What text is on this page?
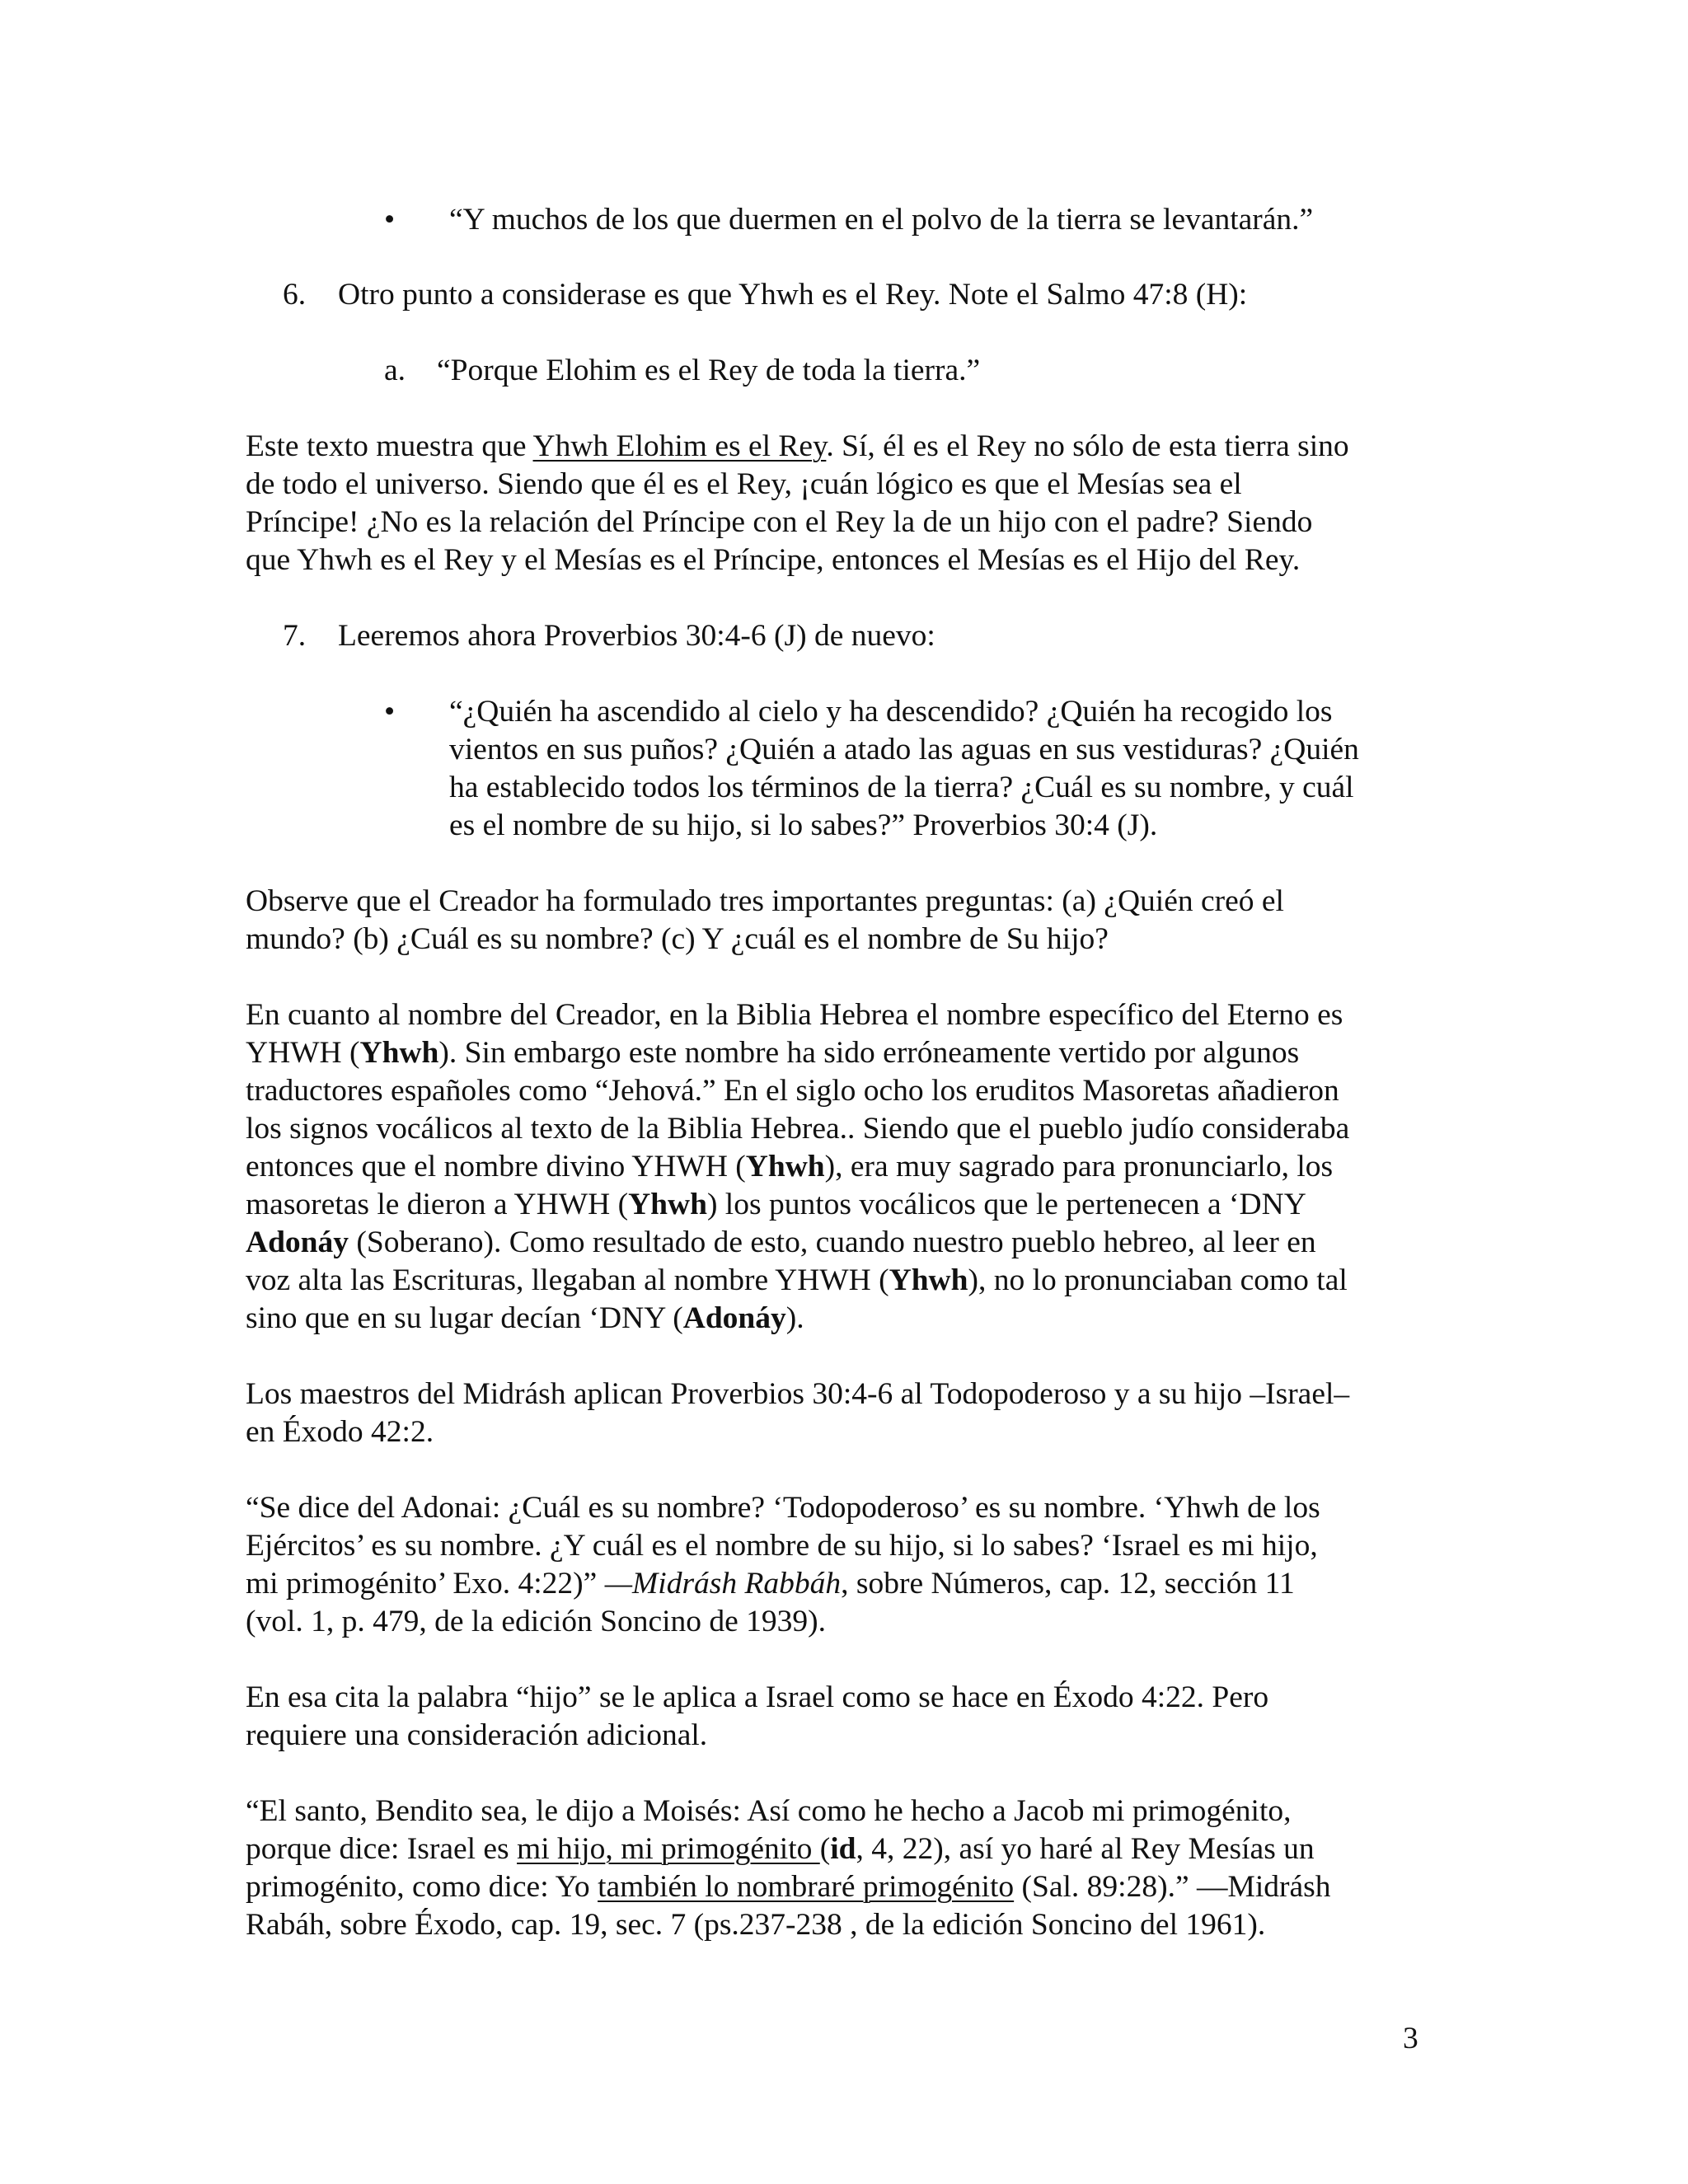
• “Y muchos de los que duermen en el polvo de la tierra se levantarán.”

6. Otro punto a considerase es que Yhwh es el Rey. Note el Salmo 47:8 (H):

a. “Porque Elohim es el Rey de toda la tierra.”

Este texto muestra que Yhwh Elohim es el Rey. Sí, él es el Rey no sólo de esta tierra sino

de todo el universo. Siendo que él es el Rey, ¡cuán lógico es que el Mesías sea el

Príncipe! ¿No es la relación del Príncipe con el Rey la de un hijo con el padre? Siendo

que Yhwh es el Rey y el Mesías es el Príncipe, entonces el Mesías es el Hijo del Rey.

7. Leeremos ahora Proverbios 30:4-6 (J) de nuevo:

• “¿Quién ha ascendido al cielo y ha descendido? ¿Quién ha recogido los

vientos en sus puños? ¿Quién a atado las aguas en sus vestiduras? ¿Quién

ha establecido todos los términos de la tierra? ¿Cuál es su nombre, y cuál

es el nombre de su hijo, si lo sabes?” Proverbios 30:4 (J).

Observe que el Creador ha formulado tres importantes preguntas: (a) ¿Quién creó el

mundo? (b) ¿Cuál es su nombre? (c) Y ¿cuál es el nombre de Su hijo?

En cuanto al nombre del Creador, en la Biblia Hebrea el nombre específico del Eterno es

YHWH (Yhwh). Sin embargo este nombre ha sido erróneamente vertido por algunos

traductores españoles como “Jehová.” En el siglo ocho los eruditos Masoretas añadieron

los signos vocálicos al texto de la Biblia Hebrea.. Siendo que el pueblo judío consideraba

entonces que el nombre divino YHWH (Yhwh), era muy sagrado para pronunciarlo, los

masoretas le dieron a YHWH (Yhwh) los puntos vocálicos que le pertenecen a ‘DNY

Adonáy (Soberano). Como resultado de esto, cuando nuestro pueblo hebreo, al leer en

voz alta las Escrituras, llegaban al nombre YHWH (Yhwh), no lo pronunciaban como tal

sino que en su lugar decían ‘DNY (Adonáy).

Los maestros del Midrásh aplican Proverbios 30:4-6 al Todopoderoso y a su hijo –Israel–

en Éxodo 42:2.

“Se dice del Adonai: ¿Cuál es su nombre? ‘Todopoderoso’ es su nombre. ‘Yhwh de los

Ejércitos’ es su nombre. ¿Y cuál es el nombre de su hijo, si lo sabes? ‘Israel es mi hijo,

mi primogénito’ Exo. 4:22)” —Midrásh Rabbáh, sobre Números, cap. 12, sección 11

(vol. 1, p. 479, de la edición Soncino de 1939).

En esa cita la palabra “hijo” se le aplica a Israel como se hace en Éxodo 4:22. Pero

requiere una consideración adicional.

“El santo, Bendito sea, le dijo a Moisés: Así como he hecho a Jacob mi primogénito,

porque dice: Israel es mi hijo, mi primogénito (id, 4, 22), así yo haré al Rey Mesías un

primogénito, como dice: Yo también lo nombraré primogénito (Sal. 89:28).” —Midrásh

Rabáh, sobre Éxodo, cap. 19, sec. 7 (ps.237-238 , de la edición Soncino del 1961).

3
